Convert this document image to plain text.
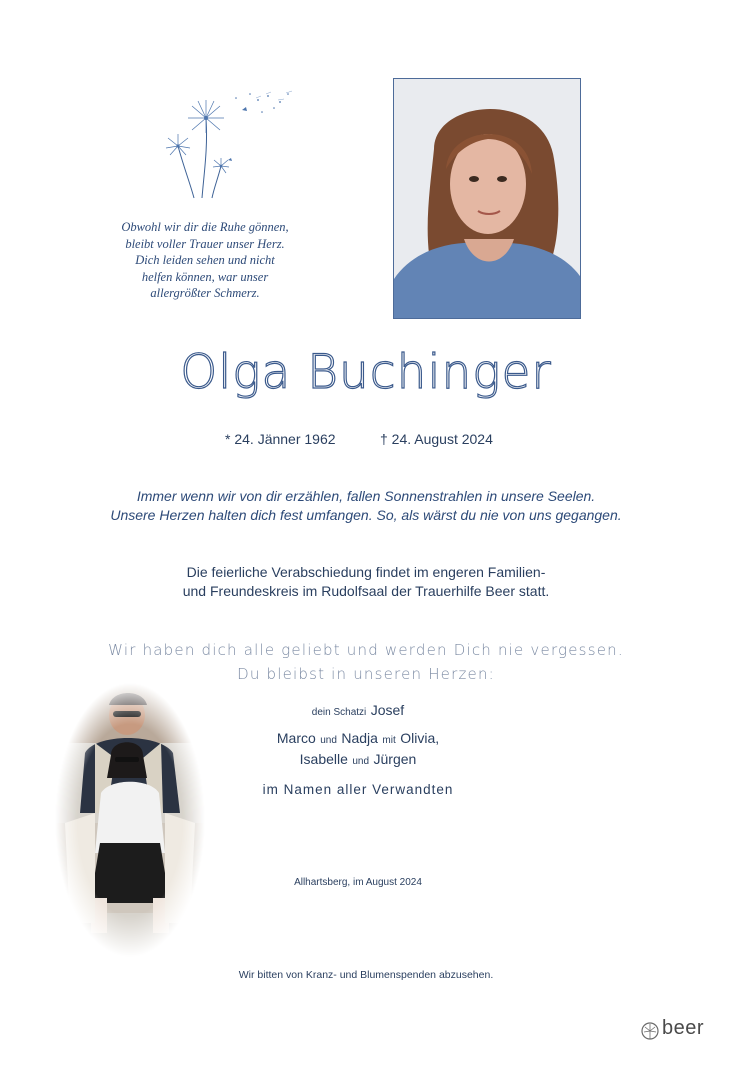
Obwohl wir dir die Ruhe gönnen,
bleibt voller Trauer unser Herz.
Dich leiden sehen und nicht
helfen können, war unser
allergrößter Schmerz.
Olga Buchinger
* 24. Jänner 1962	† 24. August 2024
Immer wenn wir von dir erzählen, fallen Sonnenstrahlen in unsere Seelen.
Unsere Herzen halten dich fest umfangen. So, als wärst du nie von uns gegangen.
Die feierliche Verabschiedung findet im engeren Familien-
und Freundeskreis im Rudolfsaal der Trauerhilfe Beer statt.
Wir haben dich alle geliebt und werden Dich nie vergessen.
Du bleibst in unseren Herzen:
dein Schatzi Josef
Marco und Nadja mit Olivia,
Isabelle und Jürgen
im Namen aller Verwandten
Allhartsberg, im August 2024
Wir bitten von Kranz- und Blumenspenden abzusehen.
beer
